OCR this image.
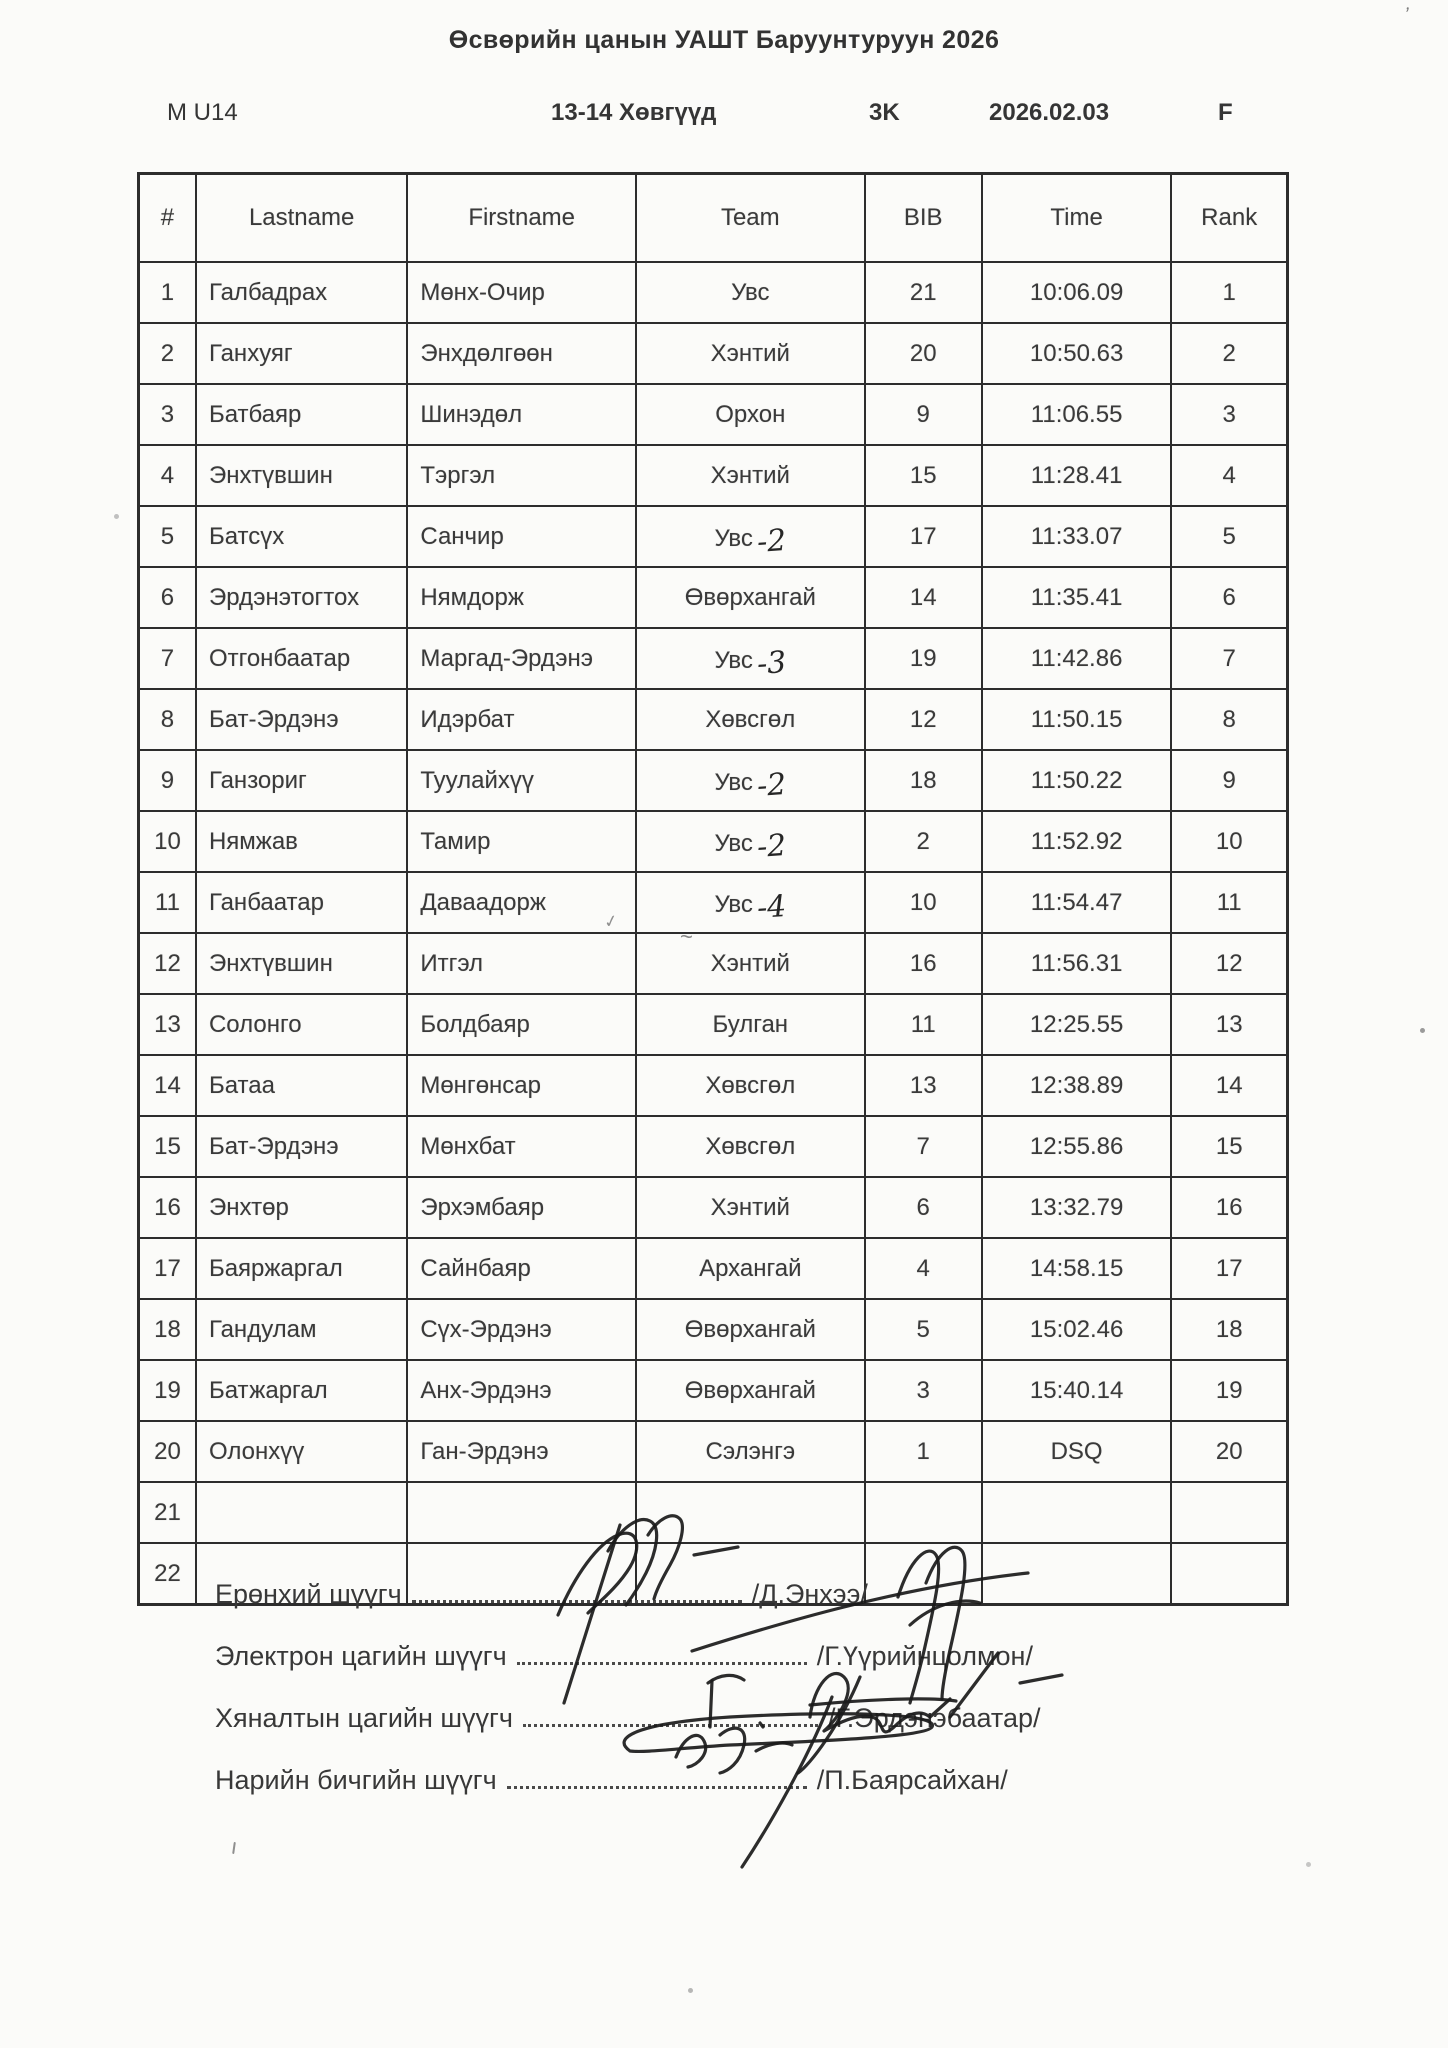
Өсвөрийн цанын УАШТ Баруунтуруун 2026
M U14	13-14 Хөвгүүд	3K	2026.02.03	F
#	Lastname	Firstname	Team	BIB	Time	Rank
1	Галбадрах	Мөнх-Очир	Увс	21	10:06.09	1
2	Ганхуяг	Энхдөлгөөн	Хэнтий	20	10:50.63	2
3	Батбаяр	Шинэдөл	Орхон	9	11:06.55	3
4	Энхтүвшин	Тэргэл	Хэнтий	15	11:28.41	4
5	Батсүх	Санчир	Увс-2	17	11:33.07	5
6	Эрдэнэтогтох	Нямдорж	Өвөрхангай	14	11:35.41	6
7	Отгонбаатар	Маргад-Эрдэнэ	Увс-3	19	11:42.86	7
8	Бат-Эрдэнэ	Идэрбат	Хөвсгөл	12	11:50.15	8
9	Ганзориг	Туулайхүү	Увс-2	18	11:50.22	9
10	Нямжав	Тамир	Увс-2	2	11:52.92	10
11	Ганбаатар	Даваадорж	Увс-4	10	11:54.47	11
12	Энхтүвшин	Итгэл	Хэнтий	16	11:56.31	12
13	Солонго	Болдбаяр	Булган	11	12:25.55	13
14	Батаа	Мөнгөнсар	Хөвсгөл	13	12:38.89	14
15	Бат-Эрдэнэ	Мөнхбат	Хөвсгөл	7	12:55.86	15
16	Энхтөр	Эрхэмбаяр	Хэнтий	6	13:32.79	16
17	Баяржаргал	Сайнбаяр	Архангай	4	14:58.15	17
18	Гандулам	Сүх-Эрдэнэ	Өвөрхангай	5	15:02.46	18
19	Батжаргал	Анх-Эрдэнэ	Өвөрхангай	3	15:40.14	19
20	Олонхүү	Ган-Эрдэнэ	Сэлэнгэ	1	DSQ	20
21						
22						
✓
~
’
Ерөнхий шүүгч	/Д.Энхээ/
Электрон цагийн шүүгч	/Г.Үүрийнцолмон/
Хяналтын цагийн шүүгч	/Г.Эрдэнэбаатар/
Нарийн бичгийн шүүгч	/П.Баярсайхан/
